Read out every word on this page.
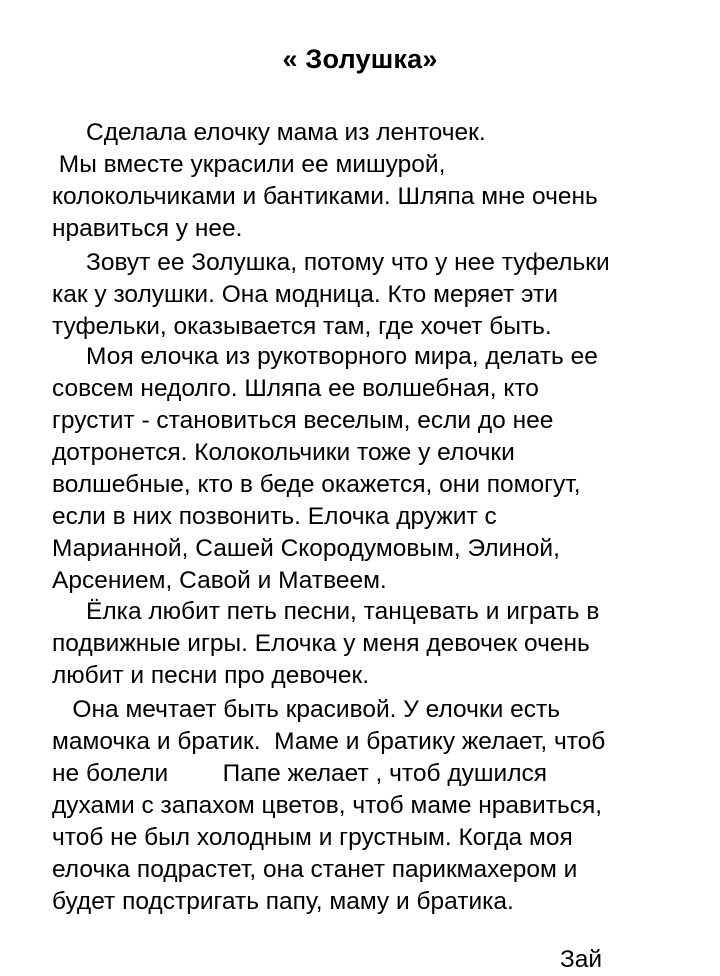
« Золушка»

Сделала елочку мама из ленточек.

Мы вместе украсили ее мишурой,

колокольчиками и бантиками. Шляпа мне очень

нравиться у нее.

Зовут ее Золушка, потому что у нее туфельки

как у золушки. Она модница. Кто меряет эти

туфельки, оказывается там, где хочет быть.

Моя елочка из рукотворного мира, делать ее

совсем недолго. Шляпа ее волшебная, кто

грустит - становиться веселым, если до нее

дотронется. Колокольчики тоже у елочки

волшебные, кто в беде окажется, они помогут,

если в них позвонить. Елочка дружит с

Марианной, Сашей Скородумовым, Элиной,

Арсением, Савой и Матвеем.

Ёлка любит петь песни, танцевать и играть в

подвижные игры. Елочка у меня девочек очень

любит и песни про девочек.

Она мечтает быть красивой. У елочки есть

мамочка и братик.  Маме и братику желает, чтоб

не болели        Папе желает , чтоб душился

духами с запахом цветов, чтоб маме нравиться,

чтоб не был холодным и грустным. Когда моя

елочка подрастет, она станет парикмахером и

будет подстригать папу, маму и братика.

Зай
